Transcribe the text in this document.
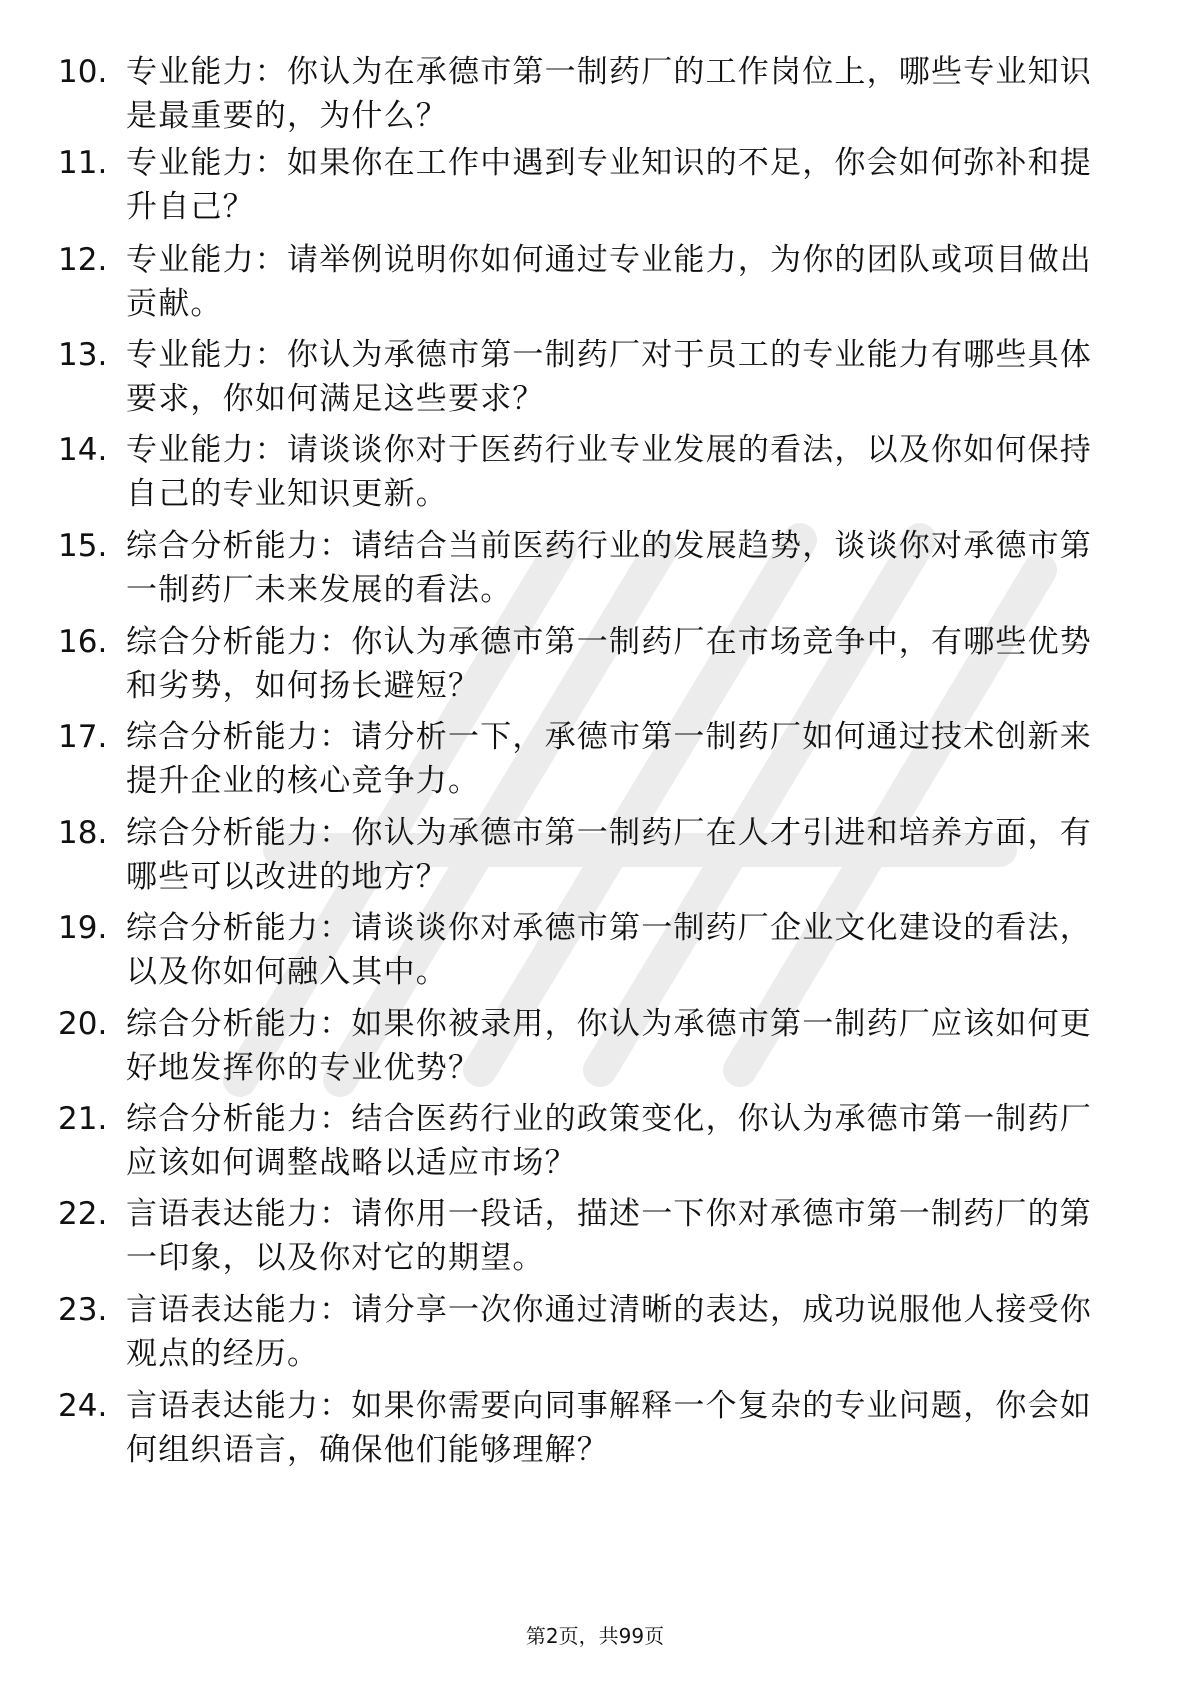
10. 专业能力：你认为在承德市第一制药厂的工作岗位上，哪些专业知识是最重要的，为什么？
11. 专业能力：如果你在工作中遇到专业知识的不足，你会如何弥补和提升自己？
12. 专业能力：请举例说明你如何通过专业能力，为你的团队或项目做出贡献。
13. 专业能力：你认为承德市第一制药厂对于员工的专业能力有哪些具体要求，你如何满足这些要求？
14. 专业能力：请谈谈你对于医药行业专业发展的看法，以及你如何保持自己的专业知识更新。
15. 综合分析能力：请结合当前医药行业的发展趋势，谈谈你对承德市第一制药厂未来发展的看法。
16. 综合分析能力：你认为承德市第一制药厂在市场竞争中，有哪些优势和劣势，如何扬长避短？
17. 综合分析能力：请分析一下，承德市第一制药厂如何通过技术创新来提升企业的核心竞争力。
18. 综合分析能力：你认为承德市第一制药厂在人才引进和培养方面，有哪些可以改进的地方？
19. 综合分析能力：请谈谈你对承德市第一制药厂企业文化建设的看法，以及你如何融入其中。
20. 综合分析能力：如果你被录用，你认为承德市第一制药厂应该如何更好地发挥你的专业优势？
21. 综合分析能力：结合医药行业的政策变化，你认为承德市第一制药厂应该如何调整战略以适应市场？
22. 言语表达能力：请你用一段话，描述一下你对承德市第一制药厂的第一印象，以及你对它的期望。
23. 言语表达能力：请分享一次你通过清晰的表达，成功说服他人接受你观点的经历。
24. 言语表达能力：如果你需要向同事解释一个复杂的专业问题，你会如何组织语言，确保他们能够理解？
第2页，共99页
